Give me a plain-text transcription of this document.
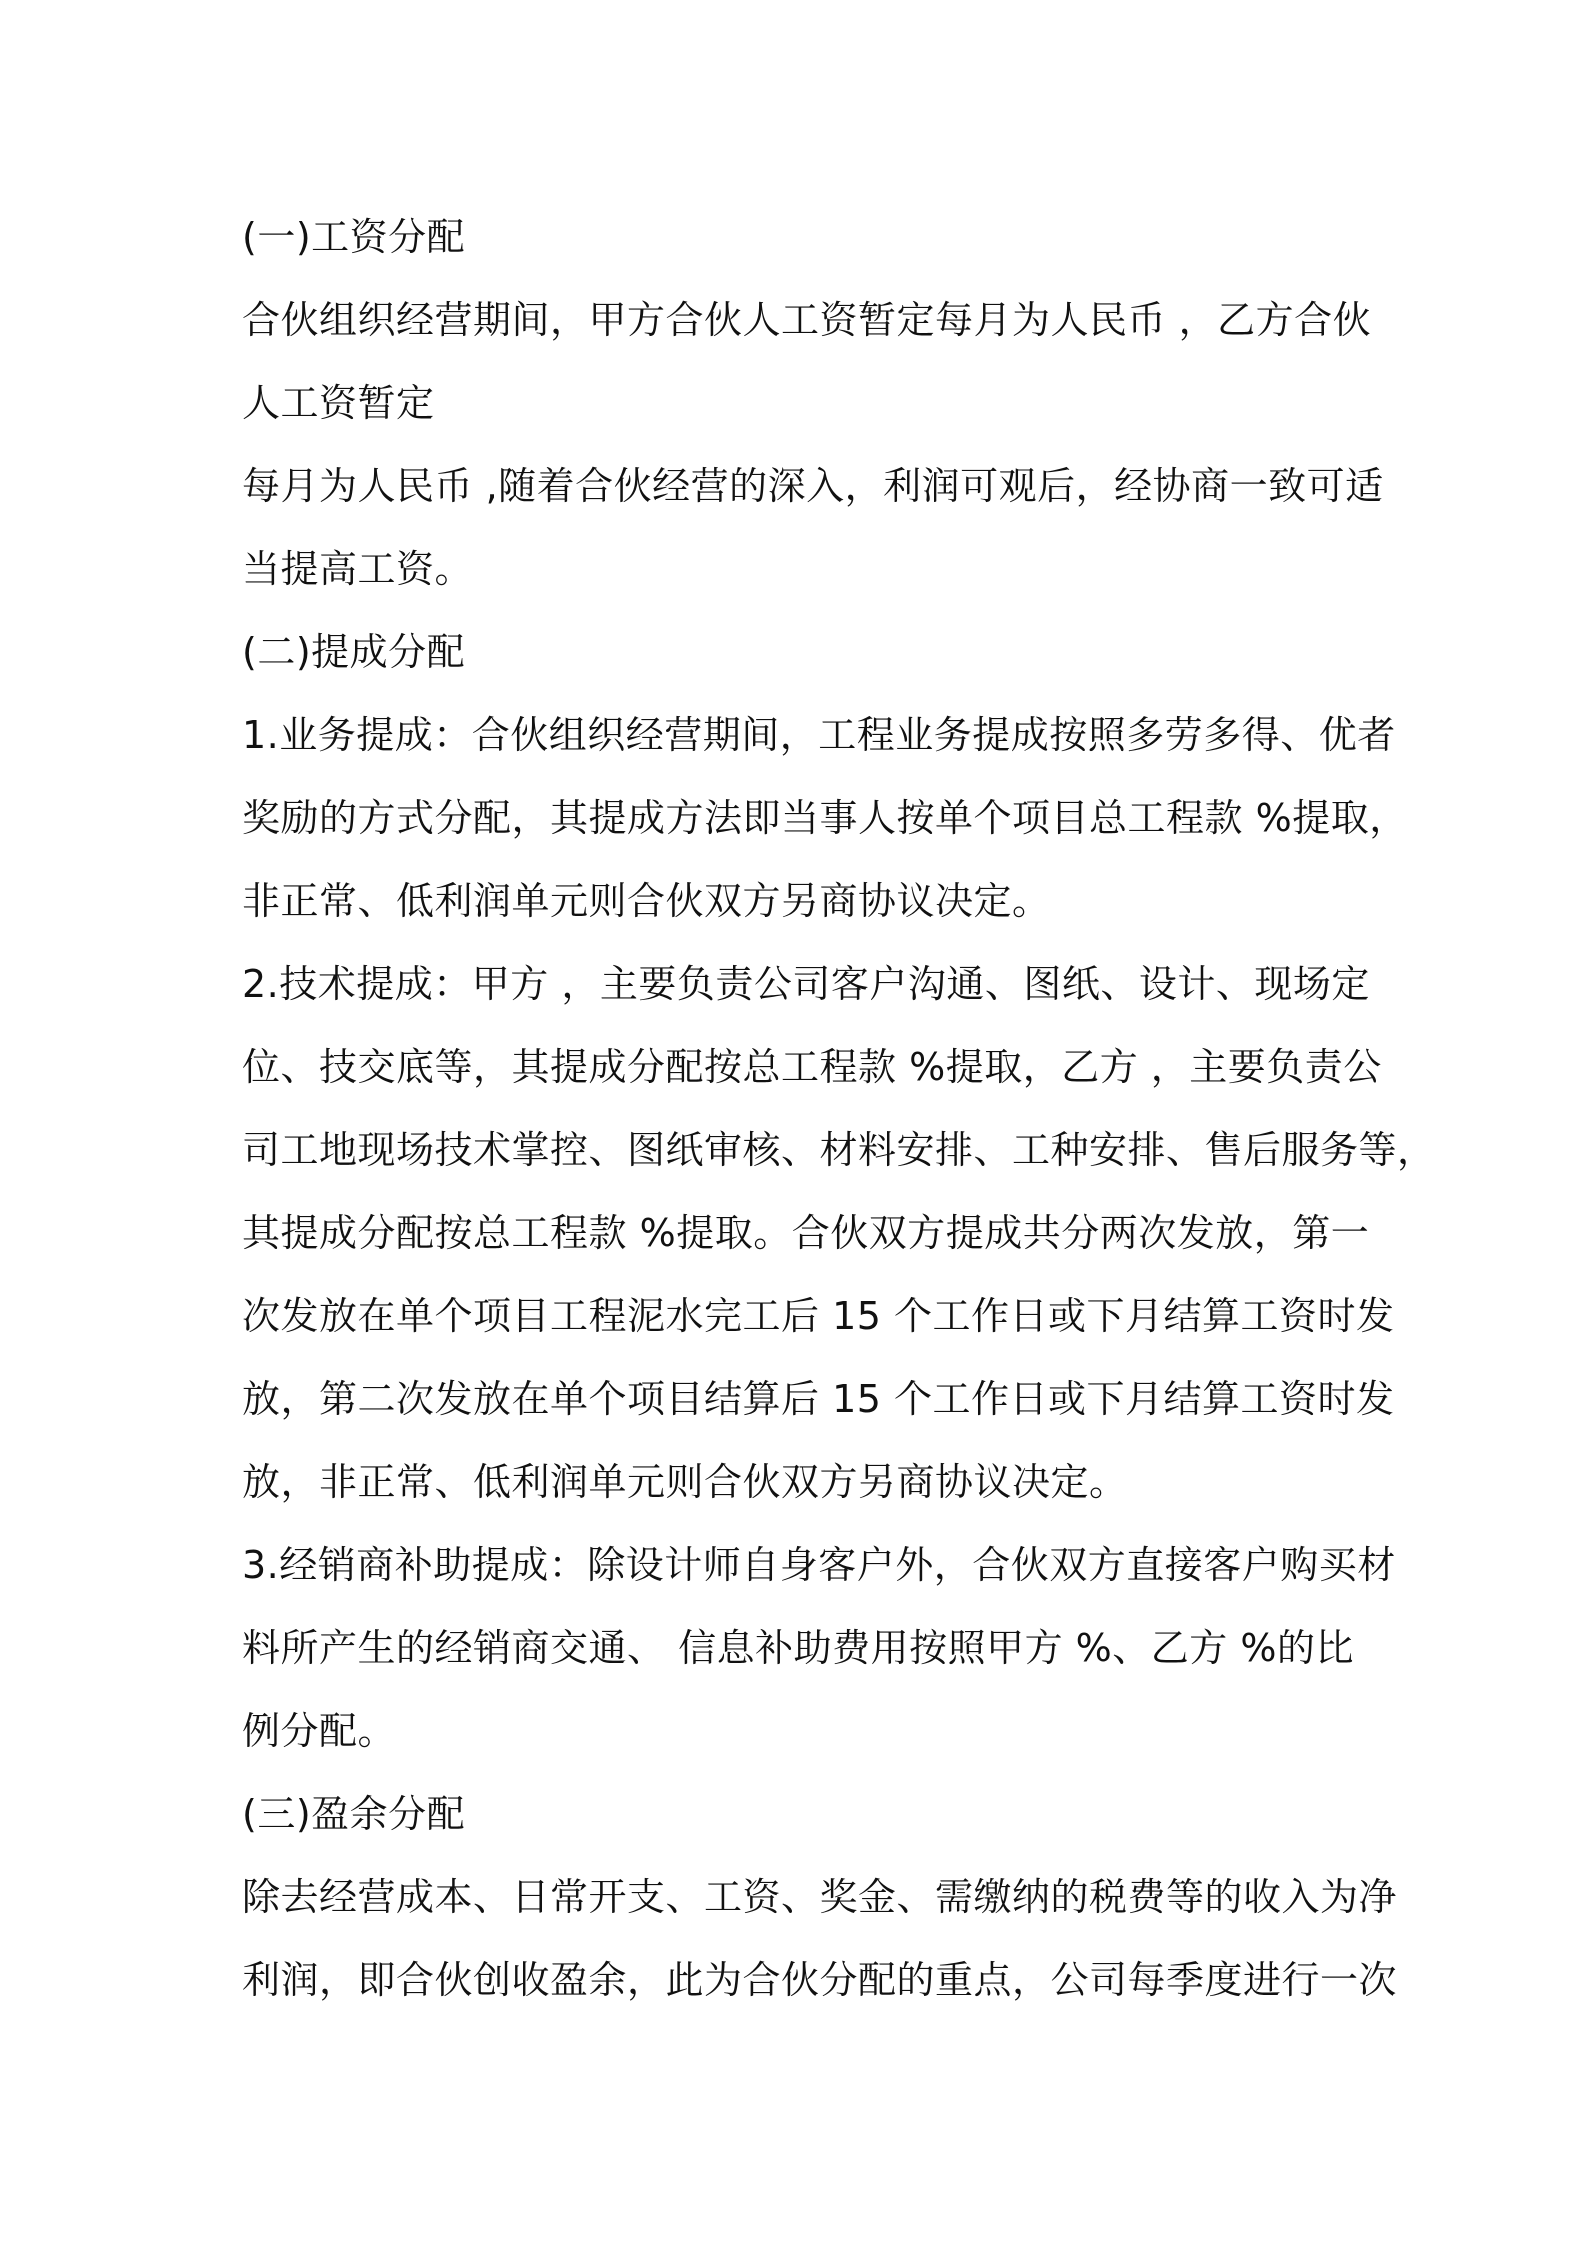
(一)工资分配
合伙组织经营期间，甲方合伙人工资暂定每月为人民币 ，乙方合伙
人工资暂定
每月为人民币 ,随着合伙经营的深入，利润可观后，经协商一致可适
当提高工资。
(二)提成分配
1.业务提成：合伙组织经营期间，工程业务提成按照多劳多得、优者
奖励的方式分配，其提成方法即当事人按单个项目总工程款 %提取，
非正常、低利润单元则合伙双方另商协议决定。
2.技术提成：甲方 ，主要负责公司客户沟通、图纸、设计、现场定
位、技交底等，其提成分配按总工程款 %提取，乙方 ，主要负责公
司工地现场技术掌控、图纸审核、材料安排、工种安排、售后服务等，
其提成分配按总工程款 %提取。合伙双方提成共分两次发放，第一
次发放在单个项目工程泥水完工后 15 个工作日或下月结算工资时发
放，第二次发放在单个项目结算后 15 个工作日或下月结算工资时发
放，非正常、低利润单元则合伙双方另商协议决定。
3.经销商补助提成：除设计师自身客户外，合伙双方直接客户购买材
料所产生的经销商交通、 信息补助费用按照甲方 %、乙方 %的比
例分配。
(三)盈余分配
除去经营成本、日常开支、工资、奖金、需缴纳的税费等的收入为净
利润，即合伙创收盈余，此为合伙分配的重点，公司每季度进行一次
